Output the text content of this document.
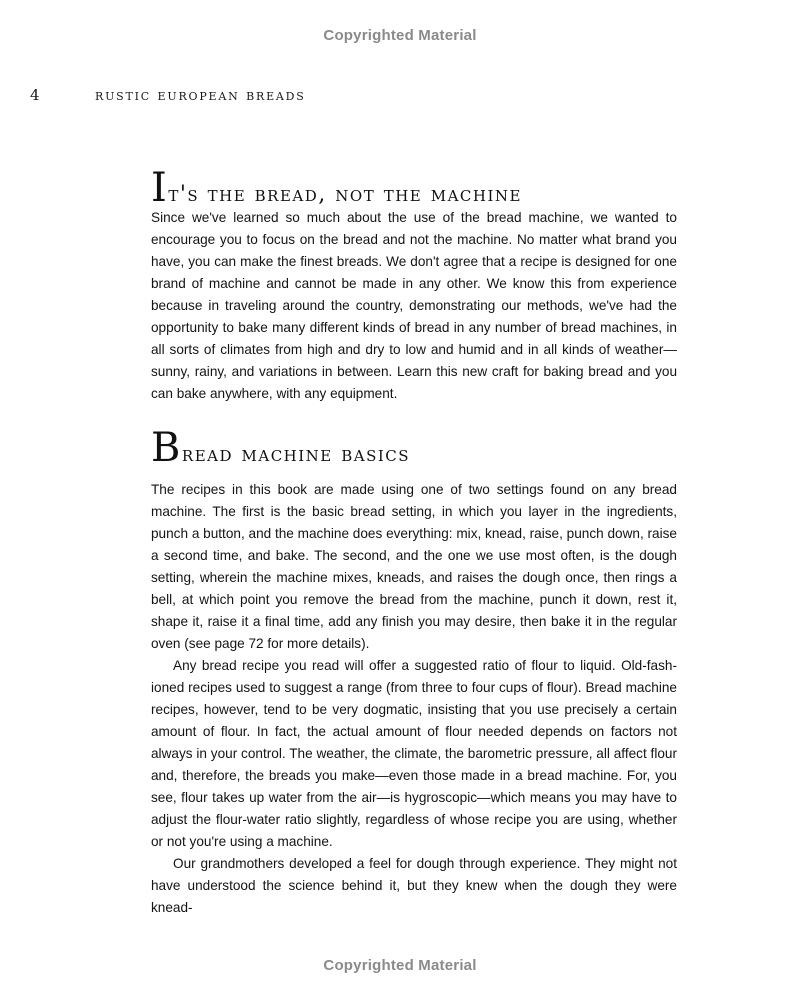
Copyrighted Material
4	rustic european breads
It's the bread, not the machine

Since we've learned so much about the use of the bread machine, we wanted to encourage you to focus on the bread and not the machine. No matter what brand you have, you can make the finest breads. We don't agree that a recipe is designed for one brand of machine and cannot be made in any other. We know this from experience because in traveling around the country, demonstrating our methods, we've had the opportunity to bake many different kinds of bread in any number of bread machines, in all sorts of climates from high and dry to low and humid and in all kinds of weather—sunny, rainy, and variations in between. Learn this new craft for baking bread and you can bake anywhere, with any equipment.

Bread machine basics

The recipes in this book are made using one of two settings found on any bread machine. The first is the basic bread setting, in which you layer in the ingredients, punch a button, and the machine does everything: mix, knead, raise, punch down, raise a second time, and bake. The second, and the one we use most often, is the dough setting, wherein the machine mixes, kneads, and raises the dough once, then rings a bell, at which point you remove the bread from the machine, punch it down, rest it, shape it, raise it a final time, add any finish you may desire, then bake it in the regular oven (see page 72 for more details).

Any bread recipe you read will offer a suggested ratio of flour to liquid. Old-fashioned recipes used to suggest a range (from three to four cups of flour). Bread machine recipes, however, tend to be very dogmatic, insisting that you use precisely a certain amount of flour. In fact, the actual amount of flour needed depends on factors not always in your control. The weather, the climate, the barometric pressure, all affect flour and, therefore, the breads you make—even those made in a bread machine. For, you see, flour takes up water from the air—is hygroscopic—which means you may have to adjust the flour-water ratio slightly, regardless of whose recipe you are using, whether or not you're using a machine.

Our grandmothers developed a feel for dough through experience. They might not have understood the science behind it, but they knew when the dough they were knead-

Copyrighted Material
